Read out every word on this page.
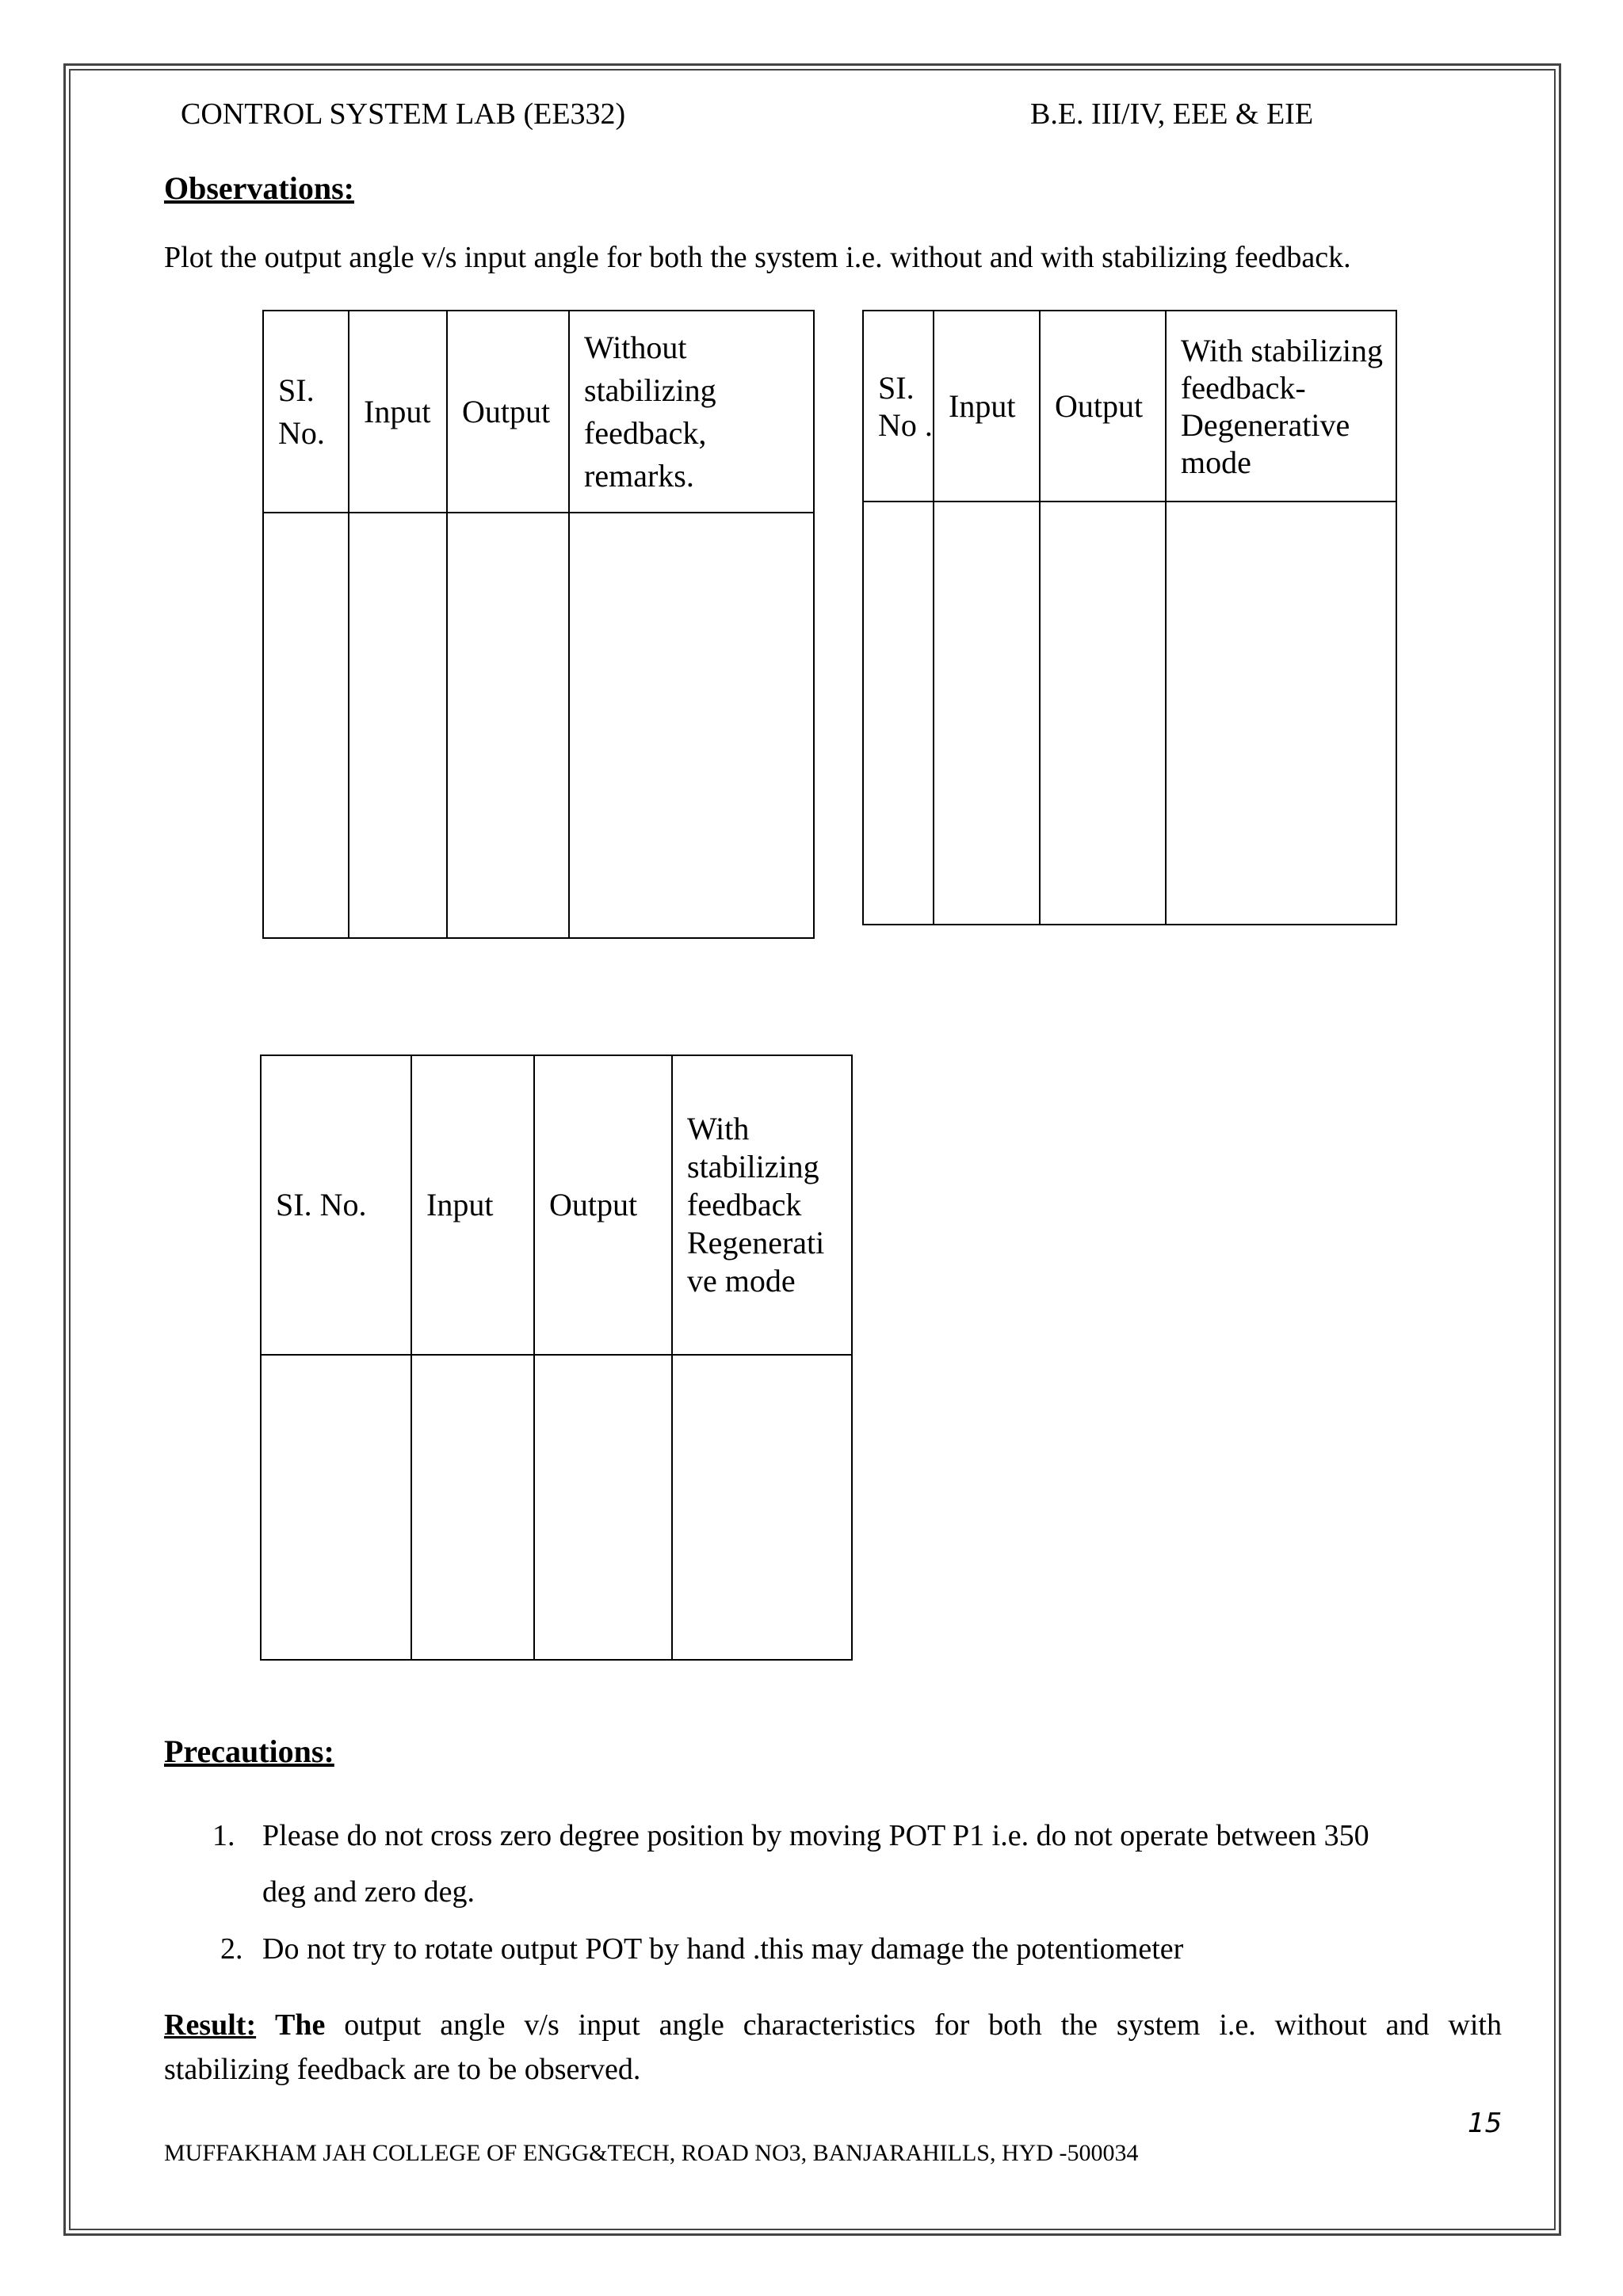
CONTROL SYSTEM LAB (EE332)	B.E. III/IV, EEE & EIE
Observations:
Plot the output angle v/s input angle for both the system i.e. without and with stabilizing feedback.
SI. No.	Input	Output	Without stabilizing feedback, remarks.

SI. No .	Input	Output	With stabilizing feedback- Degenerative mode

SI. No.	Input	Output	With stabilizing feedback Regenerati ve mode

Precautions:
1. Please do not cross zero degree position by moving POT P1 i.e. do not operate between 350
deg and zero deg.
2. Do not try to rotate output POT by hand .this may damage the potentiometer
Result: The output angle v/s input angle characteristics for both the system i.e. without and with
stabilizing feedback are to be observed.
15
MUFFAKHAM JAH COLLEGE OF ENGG&TECH, ROAD NO3, BANJARAHILLS, HYD -500034
